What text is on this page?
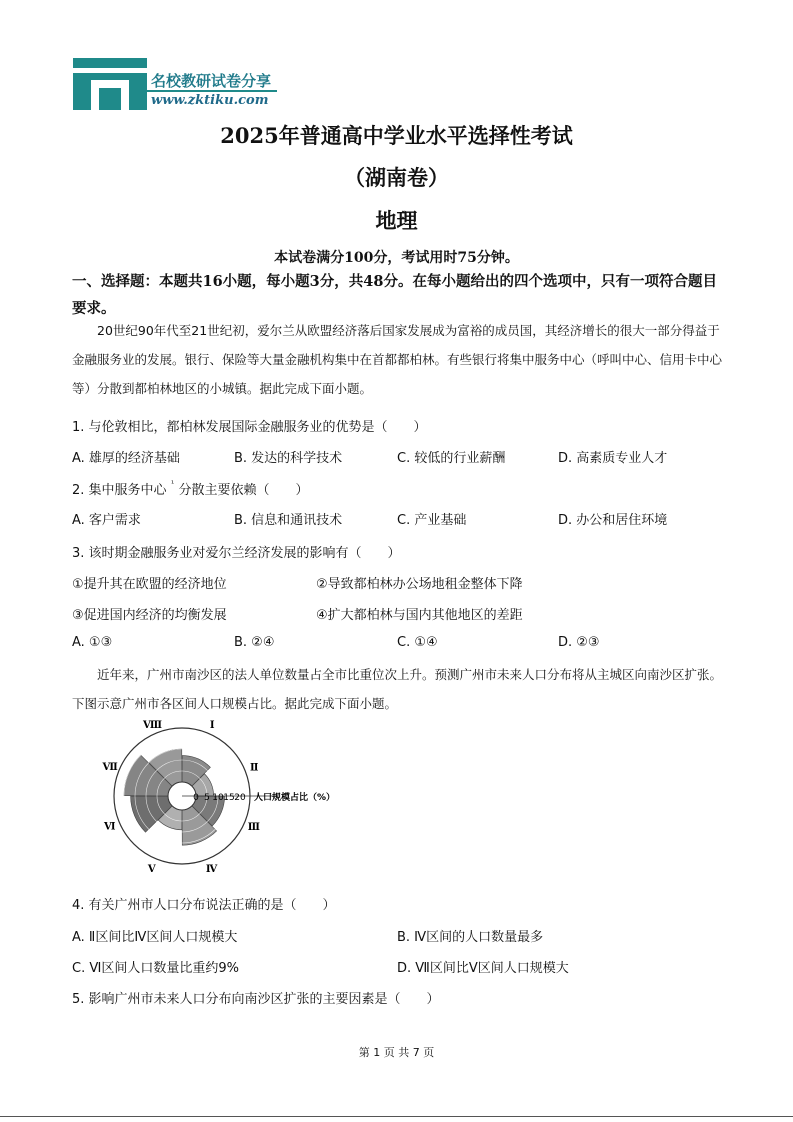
名校教研试卷分享
www.zktiku.com
2025年普通高中学业水平选择性考试
（湖南卷）
地理
本试卷满分100分，考试用时75分钟。
一、选择题：本题共16小题，每小题3分，共48分。在每小题给出的四个选项中，只有一项符合题目要求。
20世纪90年代至21世纪初，爱尔兰从欧盟经济落后国家发展成为富裕的成员国，其经济增长的很大一部分得益于金融服务业的发展。银行、保险等大量金融机构集中在首都都柏林。有些银行将集中服务中心（呼叫中心、信用卡中心等）分散到都柏林地区的小城镇。据此完成下面小题。
1. 与伦敦相比，都柏林发展国际金融服务业的优势是（　　）
A. 雄厚的经济基础	B. 发达的科学技术	C. 较低的行业薪酬	D. 高素质专业人才
2. 集中服务中心 ¹ 分散主要依赖（　　）
A. 客户需求	B. 信息和通讯技术	C. 产业基础	D. 办公和居住环境
3. 该时期金融服务业对爱尔兰经济发展的影响有（　　）
①提升其在欧盟的经济地位	②导致都柏林办公场地租金整体下降
③促进国内经济的均衡发展	④扩大都柏林与国内其他地区的差距
A. ①③	B. ②④	C. ①④	D. ②③
近年来，广州市南沙区的法人单位数量占全市比重位次上升。预测广州市未来人口分布将从主城区向南沙区扩张。下图示意广州市各区间人口规模占比。据此完成下面小题。
Ⅰ
Ⅱ
Ⅲ
Ⅳ
Ⅴ
Ⅵ
Ⅶ
Ⅷ
0 5 10 15 20 人口规模占比（%）
4. 有关广州市人口分布说法正确的是（　　）
A. Ⅱ区间比Ⅳ区间人口规模大	B. Ⅳ区间的人口数量最多
C. Ⅵ区间人口数量比重约9%	D. Ⅶ区间比Ⅴ区间人口规模大
5. 影响广州市未来人口分布向南沙区扩张的主要因素是（　　）
第 1 页 共 7 页
